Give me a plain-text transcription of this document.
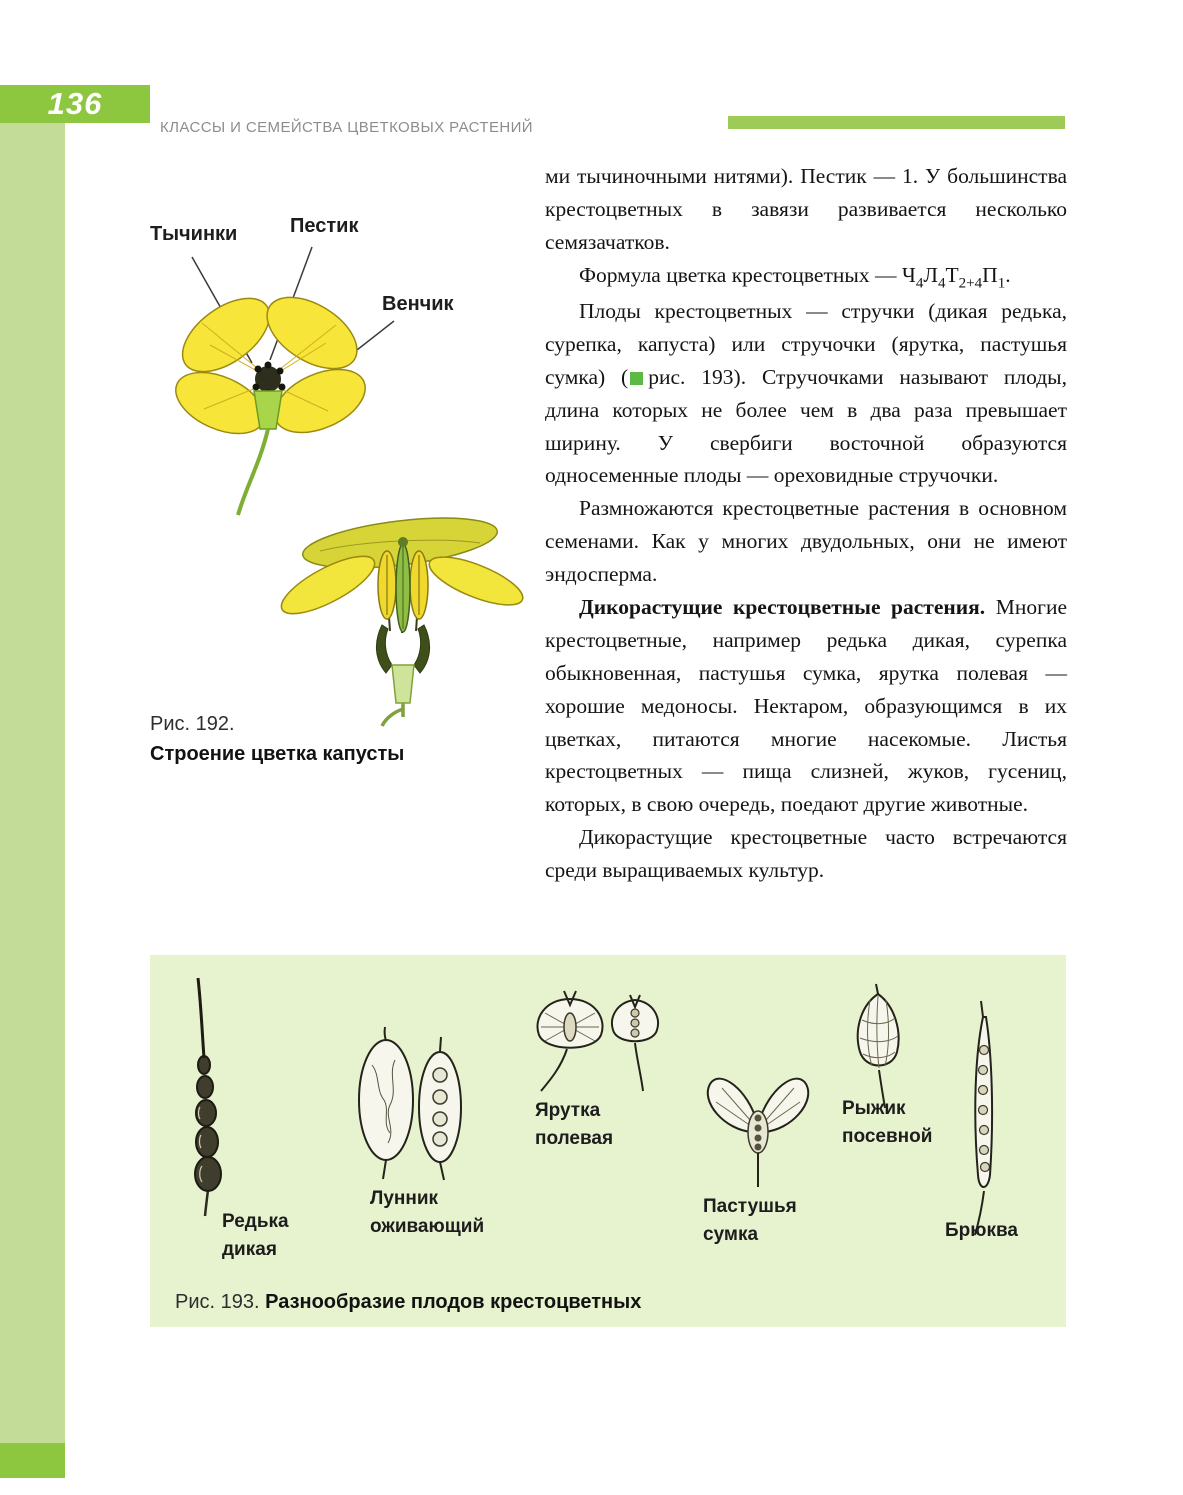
136
КЛАССЫ И СЕМЕЙСТВА ЦВЕТКОВЫХ РАСТЕНИЙ
Тычинки	Пестик
Венчик
Рис. 192.
Строение цветка капусты

ми тычиночными нитями). Пестик — 1. У большинства крестоцветных в завязи развивается несколько семязачатков.

Формула цветка крестоцветных — $Ч_4Л_4Т_{2+4}П_1$.

Плоды крестоцветных — стручки (дикая редька, сурепка, капуста) или стручочки (ярутка, пастушья сумка) ( рис. 193). Стручочками называют плоды, длина которых не более чем в два раза превышает ширину. У свербиги восточной образуются односеменные плоды — ореховидные стручочки.

Размножаются крестоцветные растения в основном семенами. Как у многих двудольных, они не имеют эндосперма.

Дикорастущие крестоцветные растения. Многие крестоцветные, например редька дикая, сурепка обыкновенная, пастушья сумка, ярутка полевая — хорошие медоносы. Нектаром, образующимся в их цветках, питаются многие насекомые. Листья крестоцветных — пища слизней, жуков, гусениц, которых, в свою очередь, поедают другие животные.

Дикорастущие крестоцветные часто встречаются среди выращиваемых культур.

Редька
дикая
Лунник
оживающий
Ярутка
полевая
Пастушья
сумка
Рыжик
посевной
Брюква
Рис. 193. Разнообразие плодов крестоцветных
